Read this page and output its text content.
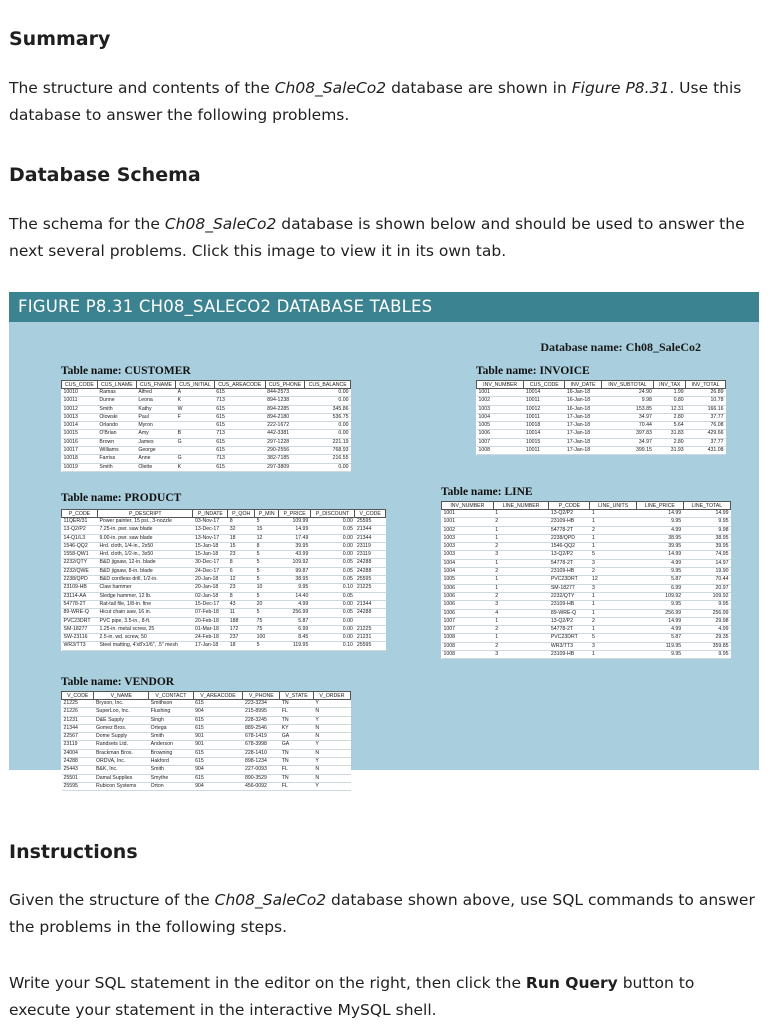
Summary

The structure and contents of the Ch08_SaleCo2 database are shown in Figure P8.31. Use this database to answer the following problems.

Database Schema

The schema for the Ch08_SaleCo2 database is shown below and should be used to answer the next several problems. Click this image to view it in its own tab.

FIGURE P8.31 CH08_SALECO2 DATABASE TABLES
Database name: Ch08_SaleCo2
Table name: CUSTOMER
CUS_CODE	CUS_LNAME	CUS_FNAME	CUS_INITIAL	CUS_AREACODE	CUS_PHONE	CUS_BALANCE
10010	Ramas	Alfred	A	615	844-2573	0.00
10011	Dunne	Leona	K	713	894-1238	0.00
10012	Smith	Kathy	W	615	894-2285	345.86
10013	Olowski	Paul	F	615	894-2180	536.75
10014	Orlando	Myron		615	222-1672	0.00
10015	O'Brian	Amy	B	713	442-3381	0.00
10016	Brown	James	G	615	297-1228	221.19
10017	Williams	George		615	290-2556	768.93
10018	Farriss	Anne	G	713	382-7185	216.55
10019	Smith	Olette	K	615	297-3809	0.00
Table name: INVOICE
INV_NUMBER	CUS_CODE	INV_DATE	INV_SUBTOTAL	INV_TAX	INV_TOTAL
1001	10014	16-Jan-18	24.90	1.99	26.89
1002	10011	16-Jan-18	9.98	0.80	10.78
1003	10012	16-Jan-18	153.85	12.31	166.16
1004	10011	17-Jan-18	34.97	2.80	37.77
1005	10018	17-Jan-18	70.44	5.64	76.08
1006	10014	17-Jan-18	397.83	31.83	429.66
1007	10015	17-Jan-18	34.97	2.80	37.77
1008	10011	17-Jan-18	399.15	31.93	431.08
Table name: PRODUCT
P_CODE	P_DESCRIPT	P_INDATE	P_QOH	P_MIN	P_PRICE	P_DISCOUNT	V_CODE
11QER/31	Power painter, 15 psi., 3-nozzle	03-Nov-17	8	5	109.99	0.00	25595
13-Q2/P2	7.25-in. pwr. saw blade	13-Dec-17	32	15	14.99	0.05	21344
14-Q1/L3	9.00-in. pwr. saw blade	13-Nov-17	18	12	17.49	0.00	21344
1546-QQ2	Hrd. cloth, 1/4-in., 2x50	15-Jan-18	15	8	39.95	0.00	23119
1558-QW1	Hrd. cloth, 1/2-in., 3x50	15-Jan-18	23	5	43.99	0.00	23119
2232/QTY	B&D jigsaw, 12-in. blade	30-Dec-17	8	5	109.92	0.05	24288
2232/QWE	B&D jigsaw, 8-in. blade	24-Dec-17	6	5	99.87	0.05	24288
2238/QPD	B&D cordless drill, 1/2-in.	20-Jan-18	12	5	38.95	0.05	25595
23109-HB	Claw hammer	20-Jan-18	23	10	9.95	0.10	21225
23114-AA	Sledge hammer, 12 lb.	02-Jan-18	8	5	14.40	0.05	
54778-2T	Rat-tail file, 1/8-in. fine	15-Dec-17	43	20	4.99	0.00	21344
89-WRE-Q	Hicut chain saw, 16 in.	07-Feb-18	11	5	256.99	0.05	24288
PVC23DRT	PVC pipe, 3.5-in., 8-ft.	20-Feb-18	188	75	5.87	0.00	
SM-18277	1.25-in. metal screw, 25	01-Mar-18	172	75	6.99	0.00	21225
SW-23116	2.5-in. wd. screw, 50	24-Feb-18	237	100	8.45	0.00	21231
WR3/TT3	Steel matting, 4'x8'x1/6", .5" mesh	17-Jan-18	18	5	119.95	0.10	25595
Table name: LINE
INV_NUMBER	LINE_NUMBER	P_CODE	LINE_UNITS	LINE_PRICE	LINE_TOTAL
1001	1	13-Q2/P2	1	14.99	14.99
1001	2	23109-HB	1	9.95	9.95
1002	1	54778-2T	2	4.99	9.98
1003	1	2238/QPD	1	38.95	38.95
1003	2	1546-QQ2	1	39.95	39.95
1003	3	13-Q2/P2	5	14.99	74.95
1004	1	54778-2T	3	4.99	14.97
1004	2	23109-HB	2	9.95	19.90
1005	1	PVC23DRT	12	5.87	70.44
1006	1	SM-18277	3	6.99	20.97
1006	2	2232/QTY	1	109.92	109.92
1006	3	23109-HB	1	9.95	9.95
1006	4	89-WRE-Q	1	256.99	256.99
1007	1	13-Q2/P2	2	14.99	29.98
1007	2	54778-2T	1	4.99	4.99
1008	1	PVC23DRT	5	5.87	29.35
1008	2	WR3/TT3	3	119.95	359.85
1008	3	23109-HB	1	9.95	9.95
Table name: VENDOR
V_CODE	V_NAME	V_CONTACT	V_AREACODE	V_PHONE	V_STATE	V_ORDER
21225	Bryson, Inc.	Smithson	615	223-3234	TN	Y
21226	SuperLoo, Inc.	Flushing	904	215-8995	FL	N
21231	D&E Supply	Singh	615	228-3245	TN	Y
21344	Gomez Bros.	Ortega	615	889-2546	KY	N
22567	Dome Supply	Smith	901	678-1419	GA	N
23119	Randsets Ltd.	Anderson	901	678-3998	GA	Y
24004	Brackman Bros.	Browning	615	228-1410	TN	N
24288	ORDVA, Inc.	Hakford	615	898-1234	TN	Y
25443	B&K, Inc.	Smith	904	227-0093	FL	N
25501	Damal Supplies	Smythe	615	890-3529	TN	N
25595	Rubicon Systems	Orton	904	456-0092	FL	Y
Instructions

Given the structure of the Ch08_SaleCo2 database shown above, use SQL commands to answer the problems in the following steps.

Write your SQL statement in the editor on the right, then click the Run Query button to execute your statement in the interactive MySQL shell.
